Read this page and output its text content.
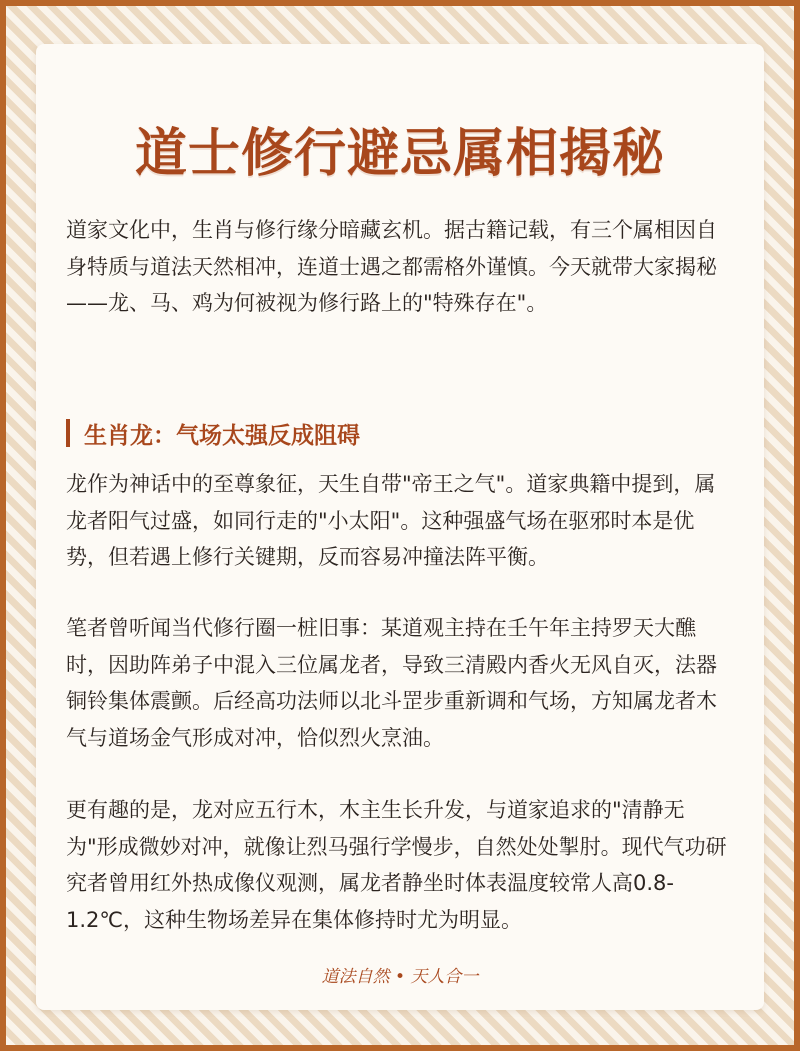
道士修行避忌属相揭秘

道家文化中，生肖与修行缘分暗藏玄机。据古籍记载，有三个属相因自身特质与道法天然相冲，连道士遇之都需格外谨慎。今天就带大家揭秘——龙、马、鸡为何被视为修行路上的"特殊存在"。

生肖龙：气场太强反成阻碍

龙作为神话中的至尊象征，天生自带"帝王之气"。道家典籍中提到，属龙者阳气过盛，如同行走的"小太阳"。这种强盛气场在驱邪时本是优势，但若遇上修行关键期，反而容易冲撞法阵平衡。

笔者曾听闻当代修行圈一桩旧事：某道观主持在壬午年主持罗天大醮时，因助阵弟子中混入三位属龙者，导致三清殿内香火无风自灭，法器铜铃集体震颤。后经高功法师以北斗罡步重新调和气场，方知属龙者木气与道场金气形成对冲，恰似烈火烹油。

更有趣的是，龙对应五行木，木主生长升发，与道家追求的"清静无为"形成微妙对冲，就像让烈马强行学慢步，自然处处掣肘。现代气功研究者曾用红外热成像仪观测，属龙者静坐时体表温度较常人高0.8-1.2℃，这种生物场差异在集体修持时尤为明显。

道法自然 • 天人合一
